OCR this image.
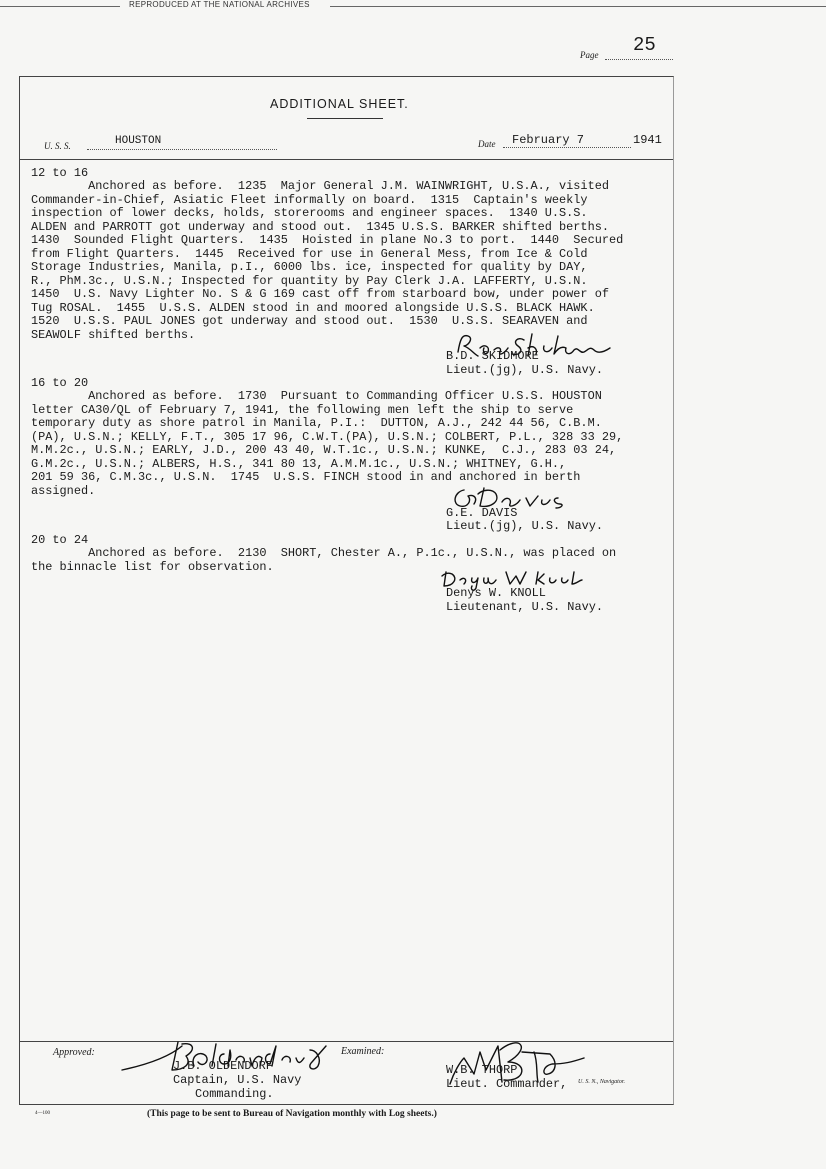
REPRODUCED AT THE NATIONAL ARCHIVES
Page 25
ADDITIONAL SHEET.
U. S. S.	HOUSTON	Date February 7	1941
12 to 16
Anchored as before.  1235  Major General J.M. WAINWRIGHT, U.S.A., visited
Commander-in-Chief, Asiatic Fleet informally on board.  1315  Captain's weekly
inspection of lower decks, holds, storerooms and engineer spaces.  1340 U.S.S.
ALDEN and PARROTT got underway and stood out.  1345 U.S.S. BARKER shifted berths.
1430  Sounded Flight Quarters.  1435  Hoisted in plane No.3 to port.  1440  Secured
from Flight Quarters.  1445  Received for use in General Mess, from Ice & Cold
Storage Industries, Manila, p.I., 6000 lbs. ice, inspected for quality by DAY,
R., PhM.3c., U.S.N.; Inspected for quantity by Pay Clerk J.A. LAFFERTY, U.S.N.
1450  U.S. Navy Lighter No. S & G 169 cast off from starboard bow, under power of
Tug ROSAL.  1455  U.S.S. ALDEN stood in and moored alongside U.S.S. BLACK HAWK.
1520  U.S.S. PAUL JONES got underway and stood out.  1530  U.S.S. SEARAVEN and
SEAWOLF shifted berths.
B.D. SKIDMORE
Lieut.(jg), U.S. Navy.
16 to 20
Anchored as before.  1730  Pursuant to Commanding Officer U.S.S. HOUSTON
letter CA30/QL of February 7, 1941, the following men left the ship to serve
temporary duty as shore patrol in Manila, P.I.:  DUTTON, A.J., 242 44 56, C.B.M.
(PA), U.S.N.; KELLY, F.T., 305 17 96, C.W.T.(PA), U.S.N.; COLBERT, P.L., 328 33 29,
M.M.2c., U.S.N.; EARLY, J.D., 200 43 40, W.T.1c., U.S.N.; KUNKE,  C.J., 283 03 24,
G.M.2c., U.S.N.; ALBERS, H.S., 341 80 13, A.M.M.1c., U.S.N.; WHITNEY, G.H.,
201 59 36, C.M.3c., U.S.N.  1745  U.S.S. FINCH stood in and anchored in berth
assigned.
G.E. DAVIS
Lieut.(jg), U.S. Navy.
20 to 24
Anchored as before.  2130  SHORT, Chester A., P.1c., U.S.N., was placed on
the binnacle list for observation.
Denys W. KNOLL
Lieutenant, U.S. Navy.
Approved:	Examined:
J.B. OLDENDORF
Captain, U.S. Navy
Commanding.
W.B. THORP
Lieut. Commander, U. S. N., Navigator.
4—100	(This page to be sent to Bureau of Navigation monthly with Log sheets.)
